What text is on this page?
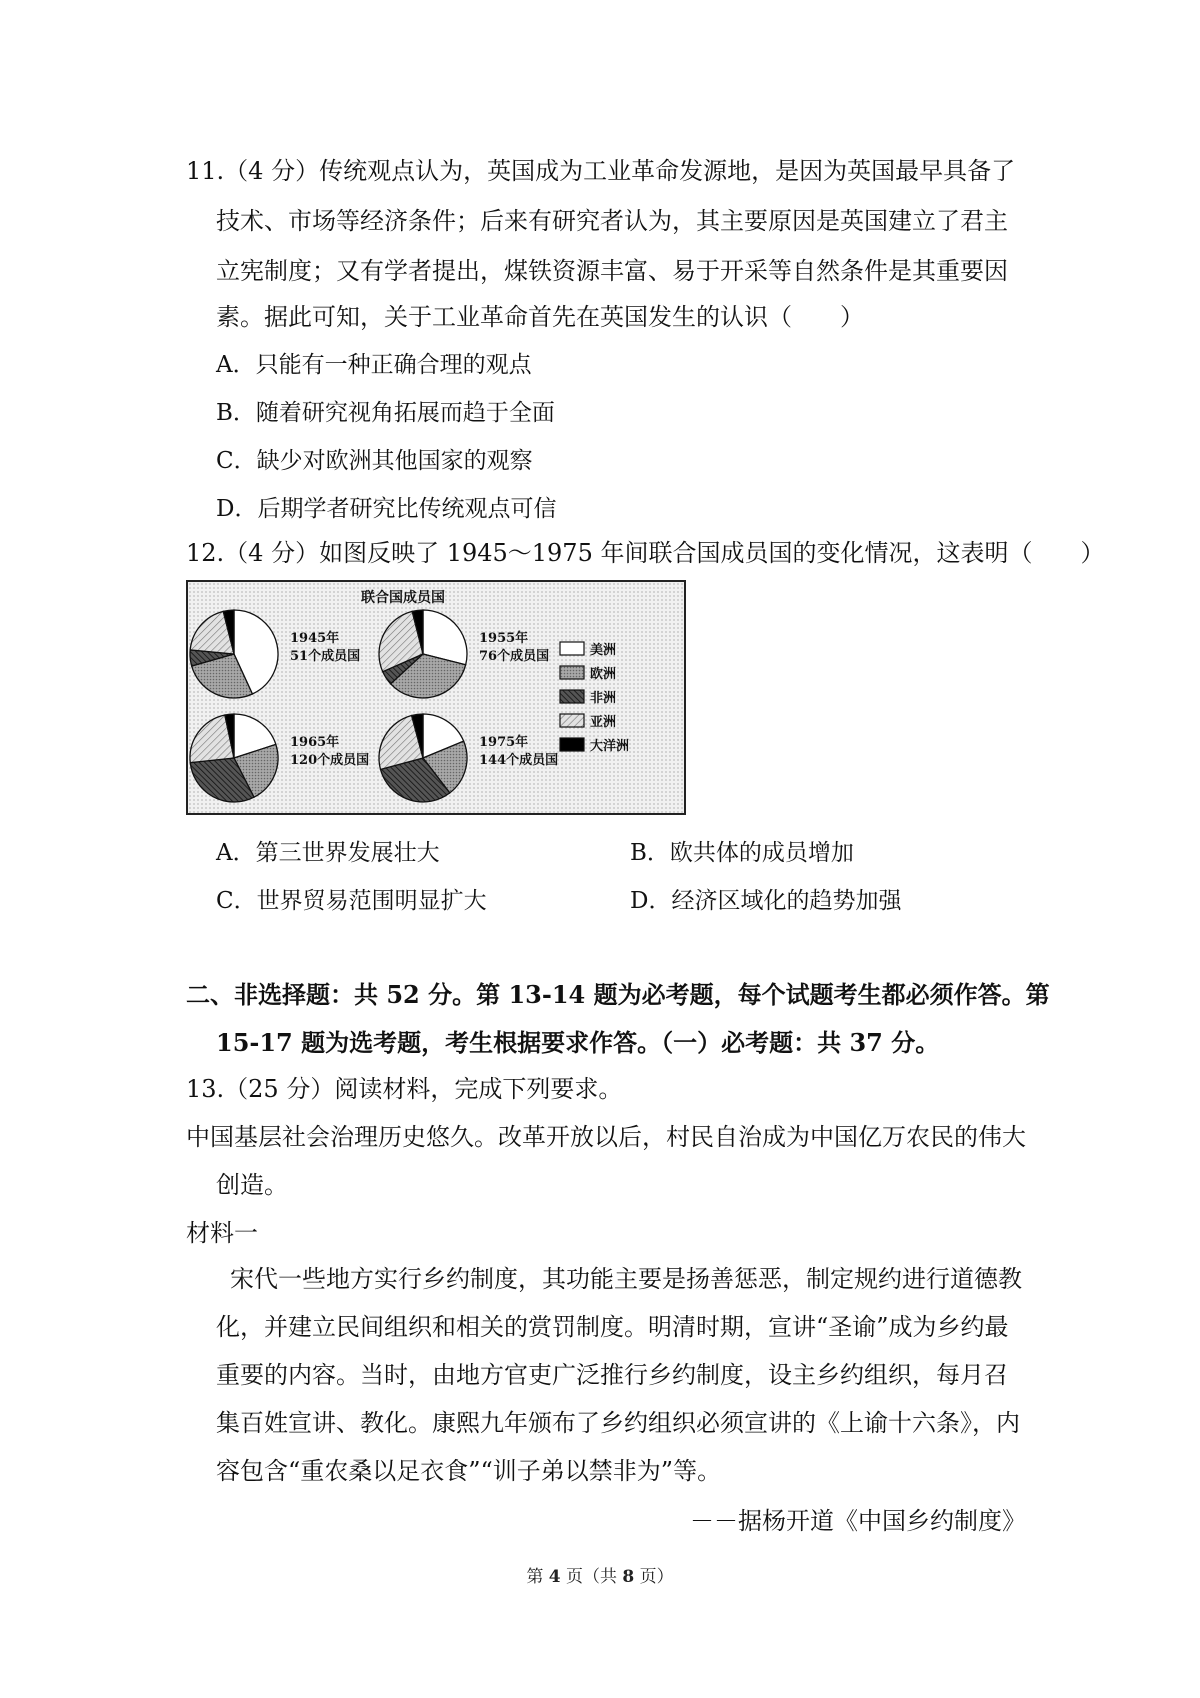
11.（4 分）传统观点认为，英国成为工业革命发源地，是因为英国最早具备了
技术、市场等经济条件；后来有研究者认为，其主要原因是英国建立了君主
立宪制度；又有学者提出，煤铁资源丰富、易于开采等自然条件是其重要因
素。据此可知，关于工业革命首先在英国发生的认识（　　）
A．只能有一种正确合理的观点
B．随着研究视角拓展而趋于全面
C．缺少对欧洲其他国家的观察
D．后期学者研究比传统观点可信
12.（4 分）如图反映了 1945～1975 年间联合国成员国的变化情况，这表明（　　）
联合国成员国
1945年
51个成员国
1955年
76个成员国
1965年
120个成员国
1975年
144个成员国
美洲
欧洲
非洲
亚洲
大洋洲
A．第三世界发展壮大	B．欧共体的成员增加
C．世界贸易范围明显扩大	D．经济区域化的趋势加强
二、非选择题：共 52 分。第 13-14 题为必考题，每个试题考生都必须作答。第
15-17 题为选考题，考生根据要求作答。（一）必考题：共 37 分。
13.（25 分）阅读材料，完成下列要求。
中国基层社会治理历史悠久。改革开放以后，村民自治成为中国亿万农民的伟大
创造。
材料一
宋代一些地方实行乡约制度，其功能主要是扬善惩恶，制定规约进行道德教
化，并建立民间组织和相关的赏罚制度。明清时期，宣讲“圣谕”成为乡约最
重要的内容。当时，由地方官吏广泛推行乡约制度，设主乡约组织，每月召
集百姓宣讲、教化。康熙九年颁布了乡约组织必须宣讲的《上谕十六条》，内
容包含“重农桑以足衣食”“训子弟以禁非为”等。
－－据杨开道《中国乡约制度》
第 4 页（共 8 页）
